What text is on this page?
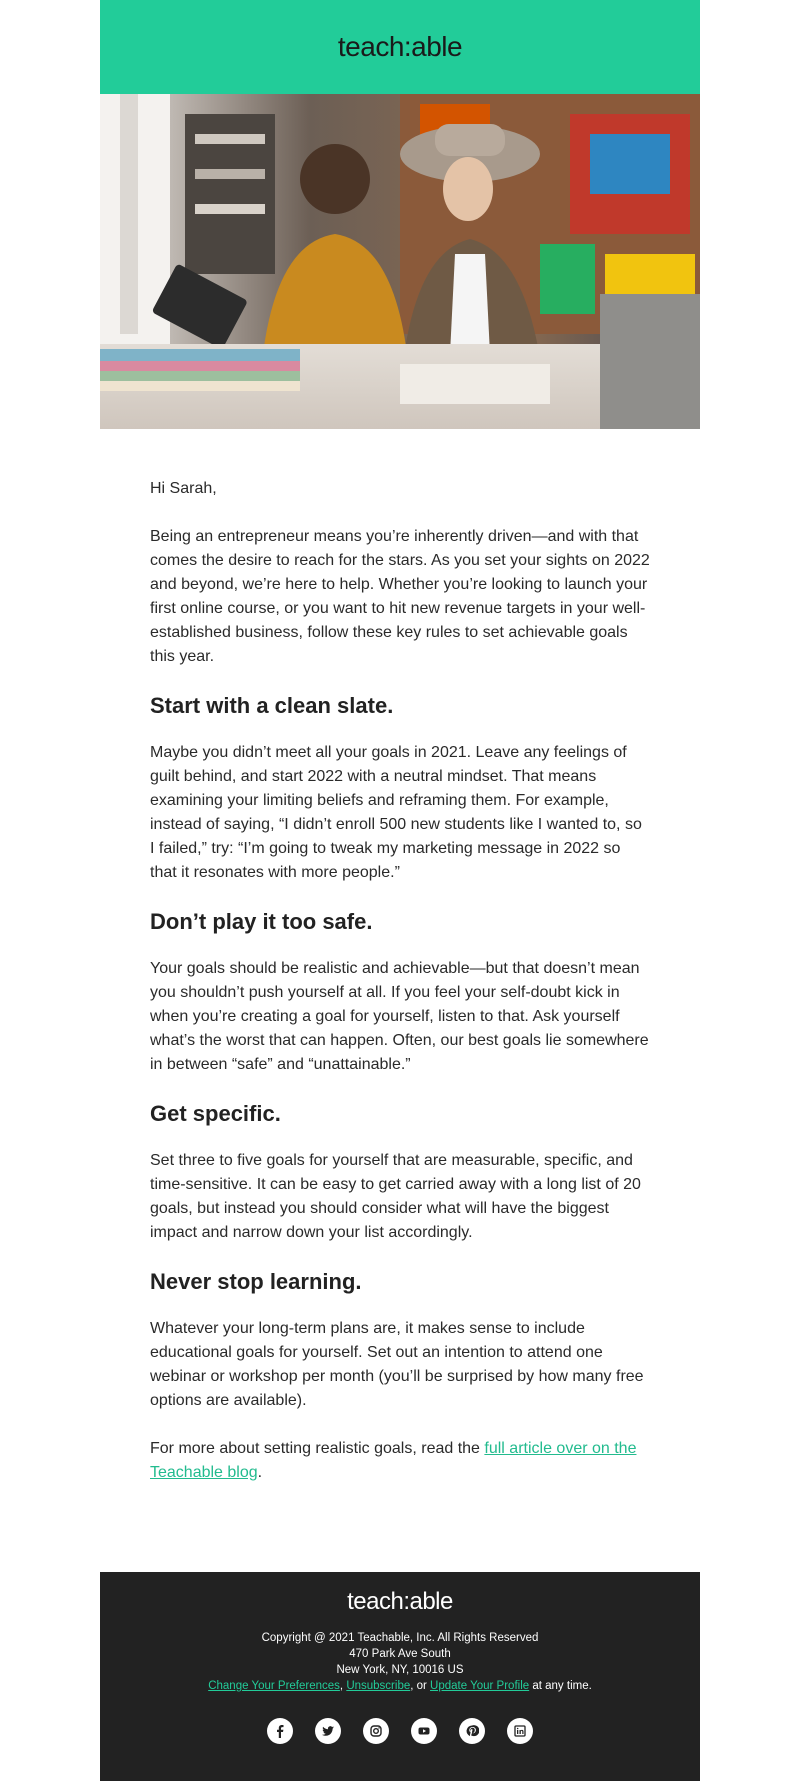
teach:able

Hi Sarah,

Being an entrepreneur means you’re inherently driven—and with that comes the desire to reach for the stars. As you set your sights on 2022 and beyond, we’re here to help. Whether you’re looking to launch your first online course, or you want to hit new revenue targets in your well-established business, follow these key rules to set achievable goals this year.

Start with a clean slate.

Maybe you didn’t meet all your goals in 2021. Leave any feelings of guilt behind, and start 2022 with a neutral mindset. That means examining your limiting beliefs and reframing them. For example, instead of saying, “I didn’t enroll 500 new students like I wanted to, so I failed,” try: “I’m going to tweak my marketing message in 2022 so that it resonates with more people.”

Don’t play it too safe.

Your goals should be realistic and achievable—but that doesn’t mean you shouldn’t push yourself at all. If you feel your self-doubt kick in when you’re creating a goal for yourself, listen to that. Ask yourself what’s the worst that can happen. Often, our best goals lie somewhere in between “safe” and “unattainable.”

Get specific.

Set three to five goals for yourself that are measurable, specific, and time-sensitive. It can be easy to get carried away with a long list of 20 goals, but instead you should consider what will have the biggest impact and narrow down your list accordingly.

Never stop learning.

Whatever your long-term plans are, it makes sense to include educational goals for yourself. Set out an intention to attend one webinar or workshop per month (you’ll be surprised by how many free options are available).

For more about setting realistic goals, read the full article over on the Teachable blog.

teach:able
Copyright @ 2021 Teachable, Inc. All Rights Reserved
470 Park Ave South
New York, NY, 10016 US
Change Your Preferences, Unsubscribe, or Update Your Profile at any time.
